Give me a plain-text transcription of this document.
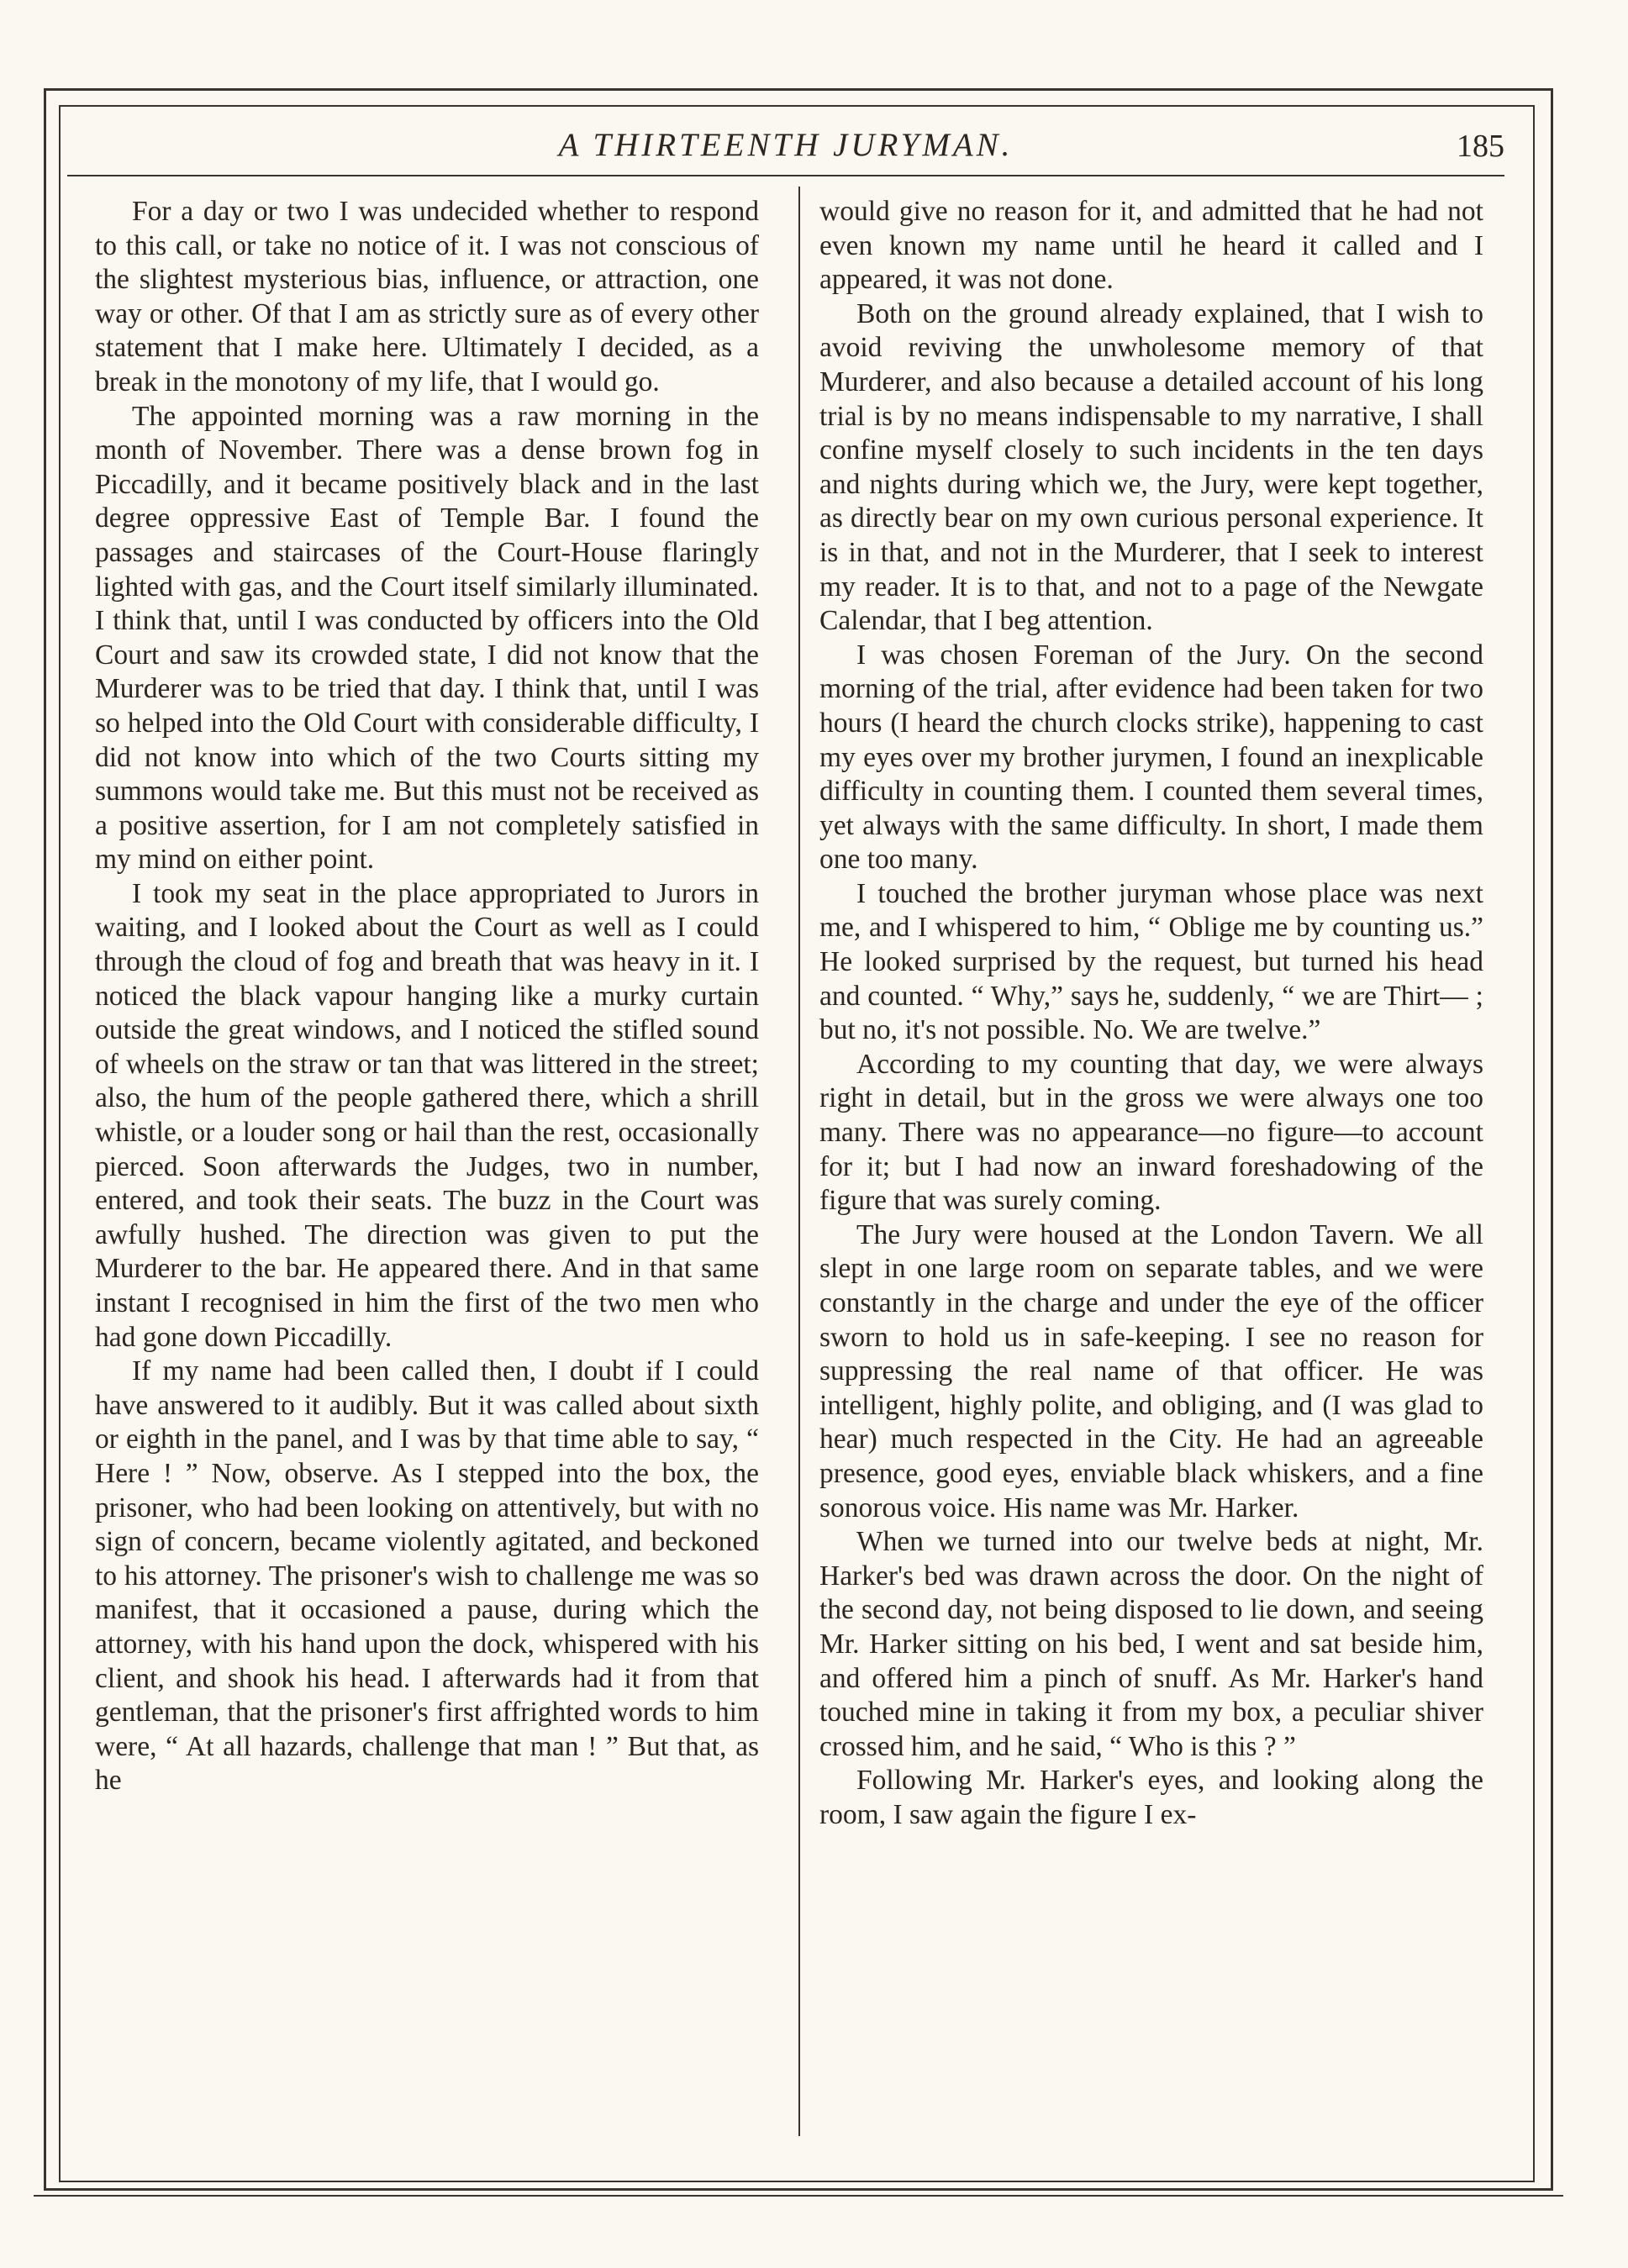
A THIRTEENTH JURYMAN.	185

For a day or two I was undecided whether to respond to this call, or take no notice of it. I was not conscious of the slightest mysterious bias, influence, or attraction, one way or other. Of that I am as strictly sure as of every other statement that I make here. Ultimately I decided, as a break in the monotony of my life, that I would go.

The appointed morning was a raw morning in the month of November. There was a dense brown fog in Piccadilly, and it became positively black and in the last degree oppressive East of Temple Bar. I found the passages and staircases of the Court-House flaringly lighted with gas, and the Court itself similarly illuminated. I think that, until I was conducted by officers into the Old Court and saw its crowded state, I did not know that the Murderer was to be tried that day. I think that, until I was so helped into the Old Court with considerable difficulty, I did not know into which of the two Courts sitting my summons would take me. But this must not be received as a positive assertion, for I am not completely satisfied in my mind on either point.

I took my seat in the place appropriated to Jurors in waiting, and I looked about the Court as well as I could through the cloud of fog and breath that was heavy in it. I noticed the black vapour hanging like a murky curtain outside the great windows, and I noticed the stifled sound of wheels on the straw or tan that was littered in the street; also, the hum of the people gathered there, which a shrill whistle, or a louder song or hail than the rest, occasionally pierced. Soon afterwards the Judges, two in number, entered, and took their seats. The buzz in the Court was awfully hushed. The direction was given to put the Murderer to the bar. He appeared there. And in that same instant I recognised in him the first of the two men who had gone down Piccadilly.

If my name had been called then, I doubt if I could have answered to it audibly. But it was called about sixth or eighth in the panel, and I was by that time able to say, “ Here ! ” Now, observe. As I stepped into the box, the prisoner, who had been looking on attentively, but with no sign of concern, became violently agitated, and beckoned to his attorney. The prisoner's wish to challenge me was so manifest, that it occasioned a pause, during which the attorney, with his hand upon the dock, whispered with his client, and shook his head. I afterwards had it from that gentleman, that the prisoner's first affrighted words to him were, “ At all hazards, challenge that man ! ” But that, as he

would give no reason for it, and admitted that he had not even known my name until he heard it called and I appeared, it was not done.

Both on the ground already explained, that I wish to avoid reviving the unwholesome memory of that Murderer, and also because a detailed account of his long trial is by no means indispensable to my narrative, I shall confine myself closely to such incidents in the ten days and nights during which we, the Jury, were kept together, as directly bear on my own curious personal experience. It is in that, and not in the Murderer, that I seek to interest my reader. It is to that, and not to a page of the Newgate Calendar, that I beg attention.

I was chosen Foreman of the Jury. On the second morning of the trial, after evidence had been taken for two hours (I heard the church clocks strike), happening to cast my eyes over my brother jurymen, I found an inexplicable difficulty in counting them. I counted them several times, yet always with the same difficulty. In short, I made them one too many.

I touched the brother juryman whose place was next me, and I whispered to him, “ Oblige me by counting us.” He looked surprised by the request, but turned his head and counted. “ Why,” says he, suddenly, “ we are Thirt— ; but no, it's not possible. No. We are twelve.”

According to my counting that day, we were always right in detail, but in the gross we were always one too many. There was no appearance—no figure—to account for it; but I had now an inward foreshadowing of the figure that was surely coming.

The Jury were housed at the London Tavern. We all slept in one large room on separate tables, and we were constantly in the charge and under the eye of the officer sworn to hold us in safe-keeping. I see no reason for suppressing the real name of that officer. He was intelligent, highly polite, and obliging, and (I was glad to hear) much respected in the City. He had an agreeable presence, good eyes, enviable black whiskers, and a fine sonorous voice. His name was Mr. Harker.

When we turned into our twelve beds at night, Mr. Harker's bed was drawn across the door. On the night of the second day, not being disposed to lie down, and seeing Mr. Harker sitting on his bed, I went and sat beside him, and offered him a pinch of snuff. As Mr. Harker's hand touched mine in taking it from my box, a peculiar shiver crossed him, and he said, “ Who is this ? ”

Following Mr. Harker's eyes, and looking along the room, I saw again the figure I ex-
